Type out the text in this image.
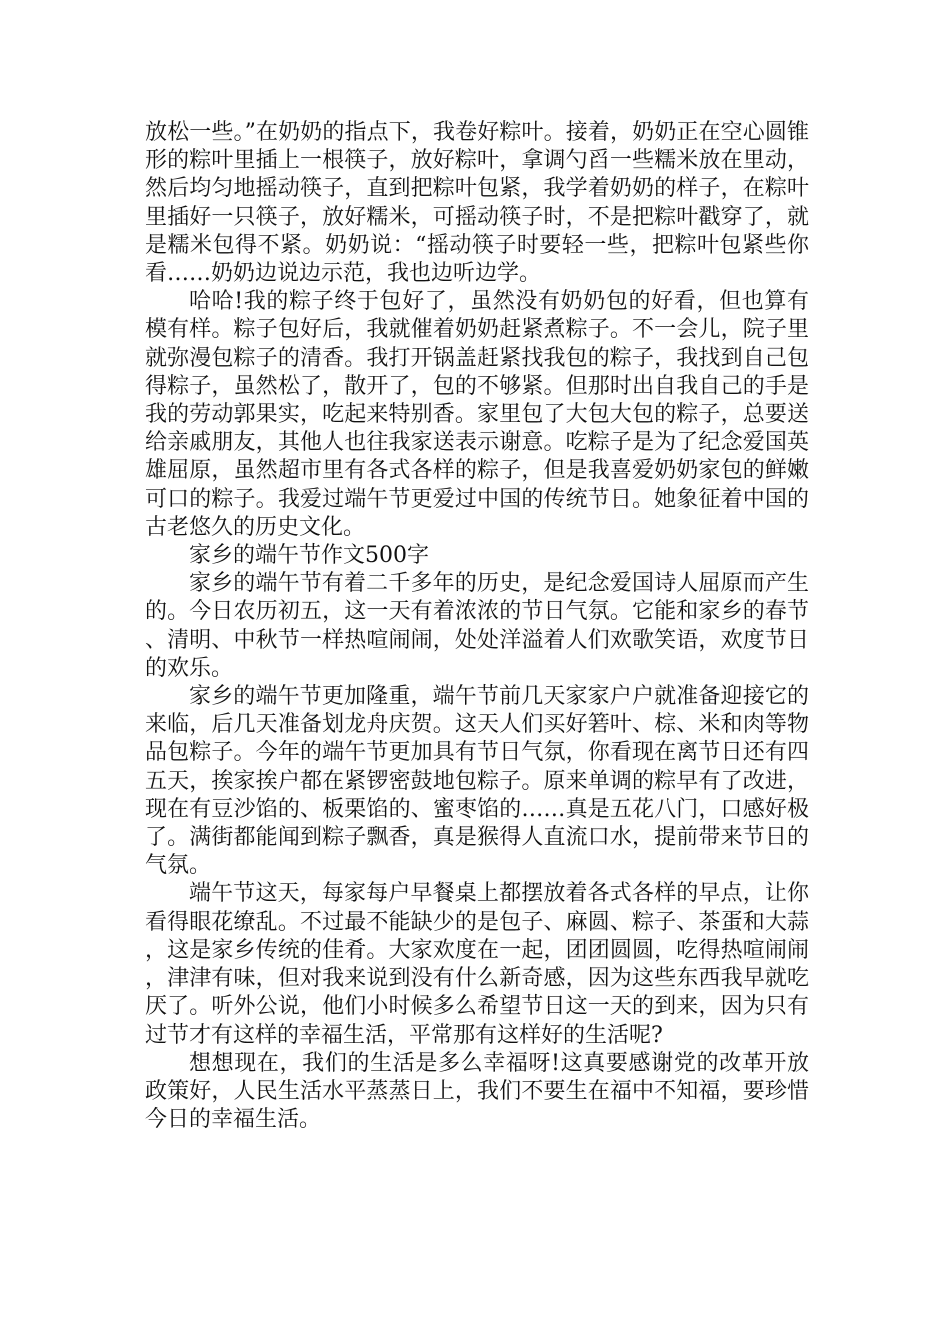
放松一些。”在奶奶的指点下，我卷好粽叶。接着，奶奶正在空心圆锥形的粽叶里插上一根筷子，放好粽叶，拿调勺舀一些糯米放在里动，然后均匀地摇动筷子，直到把粽叶包紧，我学着奶奶的样子，在粽叶里插好一只筷子，放好糯米，可摇动筷子时，不是把粽叶戳穿了，就是糯米包得不紧。奶奶说：“摇动筷子时要轻一些，把粽叶包紧些你看……奶奶边说边示范，我也边听边学。

哈哈!我的粽子终于包好了，虽然没有奶奶包的好看，但也算有模有样。粽子包好后，我就催着奶奶赶紧煮粽子。不一会儿，院子里就弥漫包粽子的清香。我打开锅盖赶紧找我包的粽子，我找到自己包得粽子，虽然松了，散开了，包的不够紧。但那时出自我自己的手是我的劳动郭果实，吃起来特别香。家里包了大包大包的粽子，总要送给亲戚朋友，其他人也往我家送表示谢意。吃粽子是为了纪念爱国英雄屈原，虽然超市里有各式各样的粽子，但是我喜爱奶奶家包的鲜嫩可口的粽子。我爱过端午节更爱过中国的传统节日。她象征着中国的古老悠久的历史文化。

家乡的端午节作文500字

家乡的端午节有着二千多年的历史，是纪念爱国诗人屈原而产生的。今日农历初五，这一天有着浓浓的节日气氛。它能和家乡的春节、清明、中秋节一样热喧闹闹，处处洋溢着人们欢歌笑语，欢度节日的欢乐。

家乡的端午节更加隆重，端午节前几天家家户户就准备迎接它的来临，后几天准备划龙舟庆贺。这天人们买好箬叶、棕、米和肉等物品包粽子。今年的端午节更加具有节日气氛，你看现在离节日还有四五天，挨家挨户都在紧锣密鼓地包粽子。原来单调的粽早有了改进，现在有豆沙馅的、板栗馅的、蜜枣馅的……真是五花八门，口感好极了。满街都能闻到粽子飘香，真是猴得人直流口水，提前带来节日的气氛。

端午节这天，每家每户早餐桌上都摆放着各式各样的早点，让你看得眼花缭乱。不过最不能缺少的是包子、麻圆、粽子、茶蛋和大蒜，这是家乡传统的佳肴。大家欢度在一起，团团圆圆，吃得热喧闹闹，津津有味，但对我来说到没有什么新奇感，因为这些东西我早就吃厌了。听外公说，他们小时候多么希望节日这一天的到来，因为只有过节才有这样的幸福生活，平常那有这样好的生活呢?

想想现在，我们的生活是多么幸福呀!这真要感谢党的改革开放政策好，人民生活水平蒸蒸日上，我们不要生在福中不知福，要珍惜今日的幸福生活。
